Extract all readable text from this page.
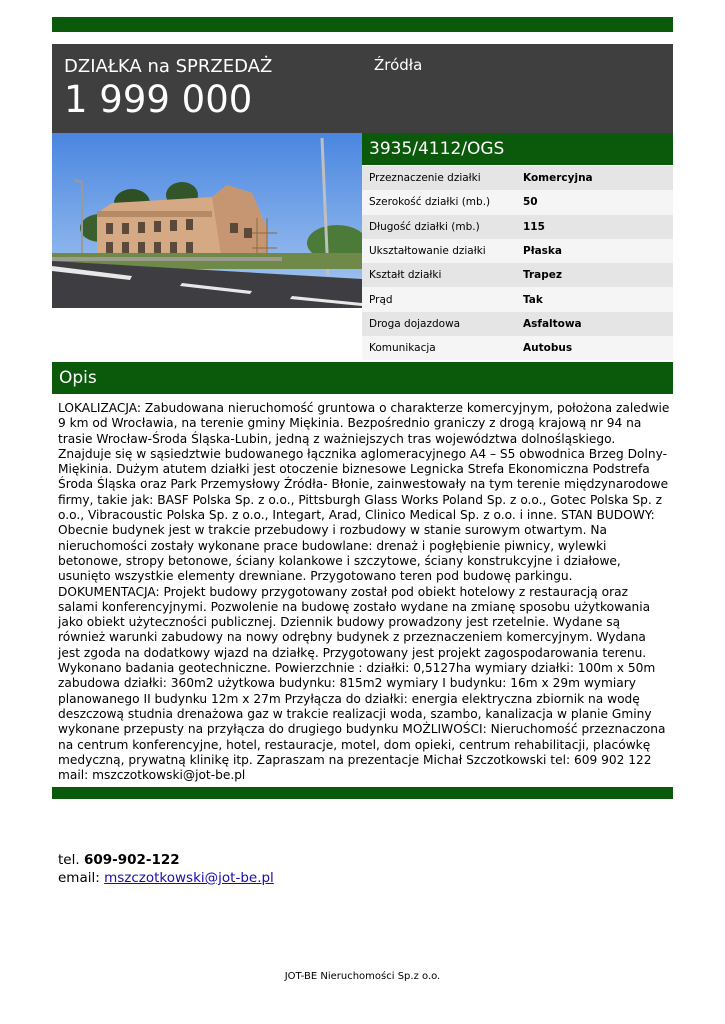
DZIAŁKA na SPRZEDAŻ
1 999 000
Źródła
3935/4112/OGS
Przeznaczenie działki	Komercyjna
Szerokość działki (mb.)	50
Długość działki (mb.)	115
Ukształtowanie działki	Płaska
Kształt działki	Trapez
Prąd	Tak
Droga dojazdowa	Asfaltowa
Komunikacja	Autobus
Opis

LOKALIZACJA: Zabudowana nieruchomość gruntowa o charakterze komercyjnym, położona zaledwie 9 km od Wrocławia, na terenie gminy Miękinia. Bezpośrednio graniczy z drogą krajową nr 94 na trasie Wrocław-Środa Śląska-Lubin, jedną z ważniejszych tras województwa dolnośląskiego. Znajduje się w sąsiedztwie budowanego łącznika aglomeracyjnego A4 – S5 obwodnica Brzeg Dolny-Miękinia. Dużym atutem działki jest otoczenie biznesowe Legnicka Strefa Ekonomiczna Podstrefa Środa Śląska oraz Park Przemysłowy Źródła- Błonie, zainwestowały na tym terenie międzynarodowe firmy, takie jak: BASF Polska Sp. z o.o., Pittsburgh Glass Works Poland Sp. z o.o., Gotec Polska Sp. z o.o., Vibracoustic Polska Sp. z o.o., Integart, Arad, Clinico Medical Sp. z o.o. i inne. STAN BUDOWY: Obecnie budynek jest w trakcie przebudowy i rozbudowy w stanie surowym otwartym. Na nieruchomości zostały wykonane prace budowlane: drenaż i pogłębienie piwnicy, wylewki betonowe, stropy betonowe, ściany kolankowe i szczytowe, ściany konstrukcyjne i działowe, usunięto wszystkie elementy drewniane. Przygotowano teren pod budowę parkingu. DOKUMENTACJA: Projekt budowy przygotowany został pod obiekt hotelowy z restauracją oraz salami konferencyjnymi. Pozwolenie na budowę zostało wydane na zmianę sposobu użytkowania jako obiekt użyteczności publicznej. Dziennik budowy prowadzony jest rzetelnie. Wydane są również warunki zabudowy na nowy odrębny budynek z przeznaczeniem komercyjnym. Wydana jest zgoda na dodatkowy wjazd na działkę. Przygotowany jest projekt zagospodarowania terenu. Wykonano badania geotechniczne. Powierzchnie : działki: 0,5127ha wymiary działki: 100m x 50m zabudowa działki: 360m2 użytkowa budynku: 815m2 wymiary I budynku: 16m x 29m wymiary planowanego II budynku 12m x 27m Przyłącza do działki: energia elektryczna zbiornik na wodę deszczową studnia drenażowa gaz w trakcie realizacji woda, szambo, kanalizacja w planie Gminy wykonane przepusty na przyłącza do drugiego budynku MOŻLIWOŚCI: Nieruchomość przeznaczona na centrum konferencyjne, hotel, restauracje, motel, dom opieki, centrum rehabilitacji, placówkę medyczną, prywatną klinikę itp. Zapraszam na prezentacje Michał Szczotkowski tel: 609 902 122 mail: mszczotkowski@jot-be.pl

tel. 609-902-122
email: mszczotkowski@jot-be.pl
JOT-BE Nieruchomości Sp.z o.o.
